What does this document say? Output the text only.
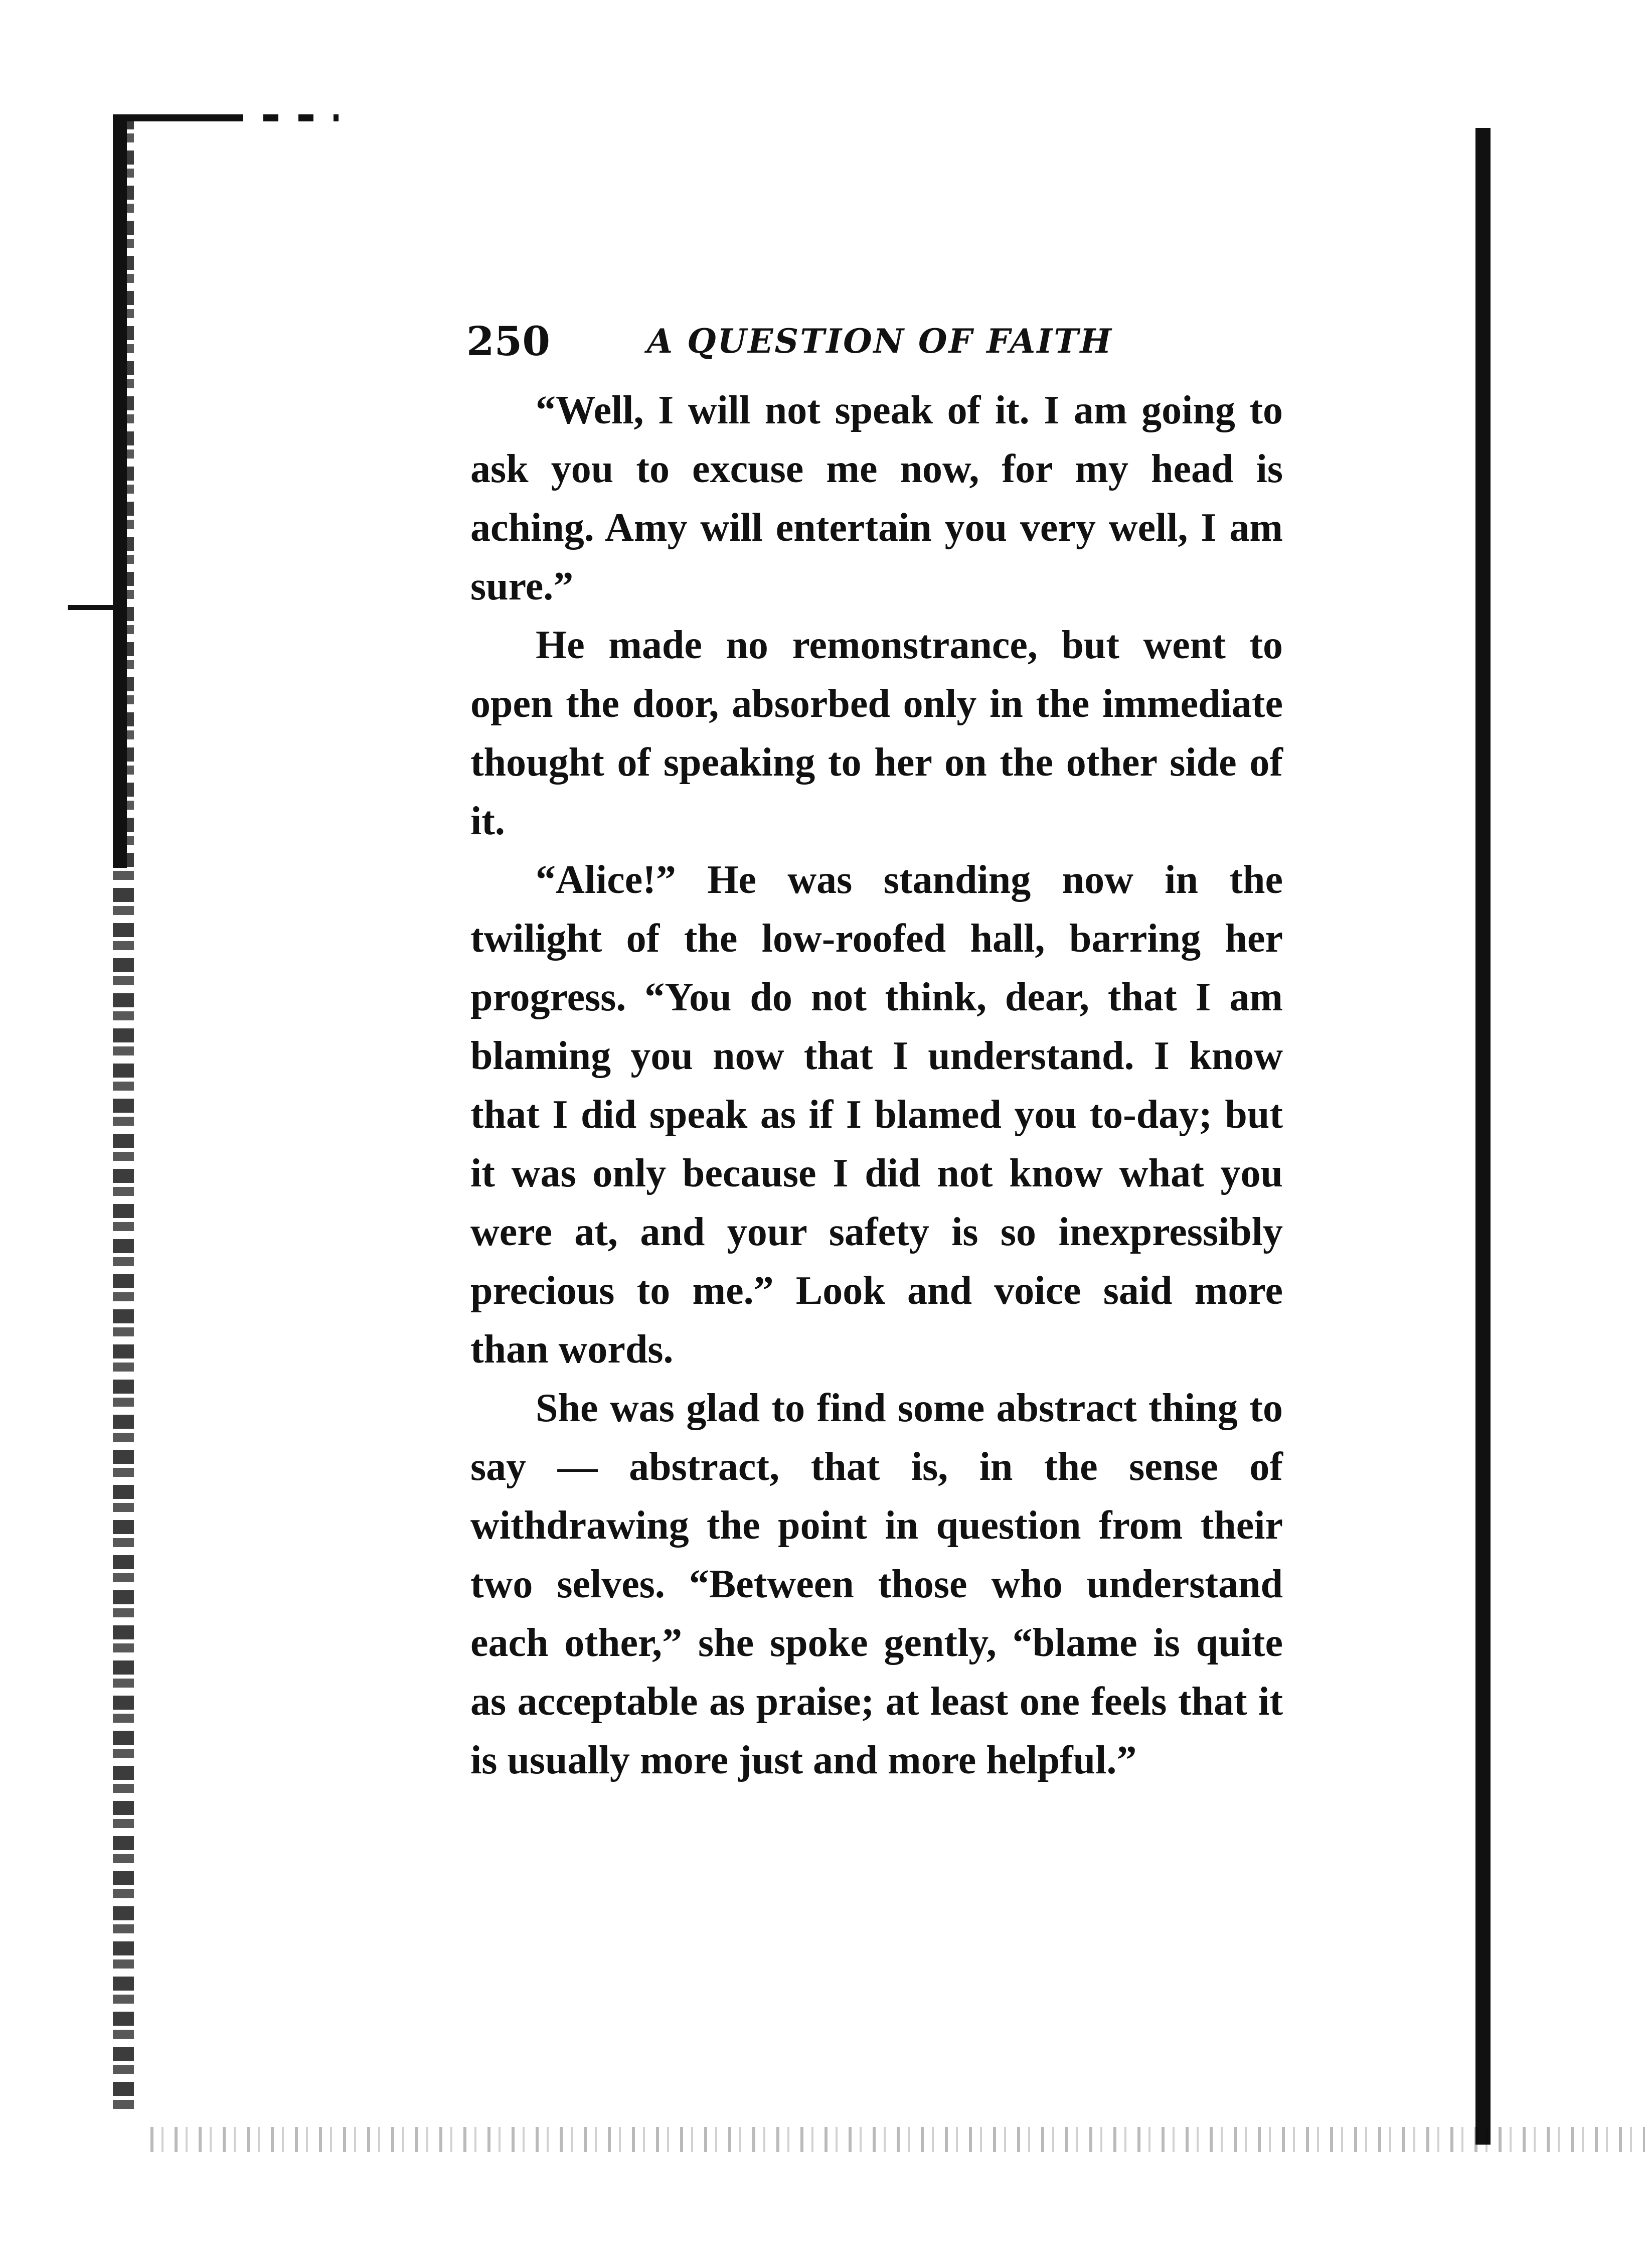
250	A QUESTION OF FAITH

“Well, I will not speak of it. I am going to ask you to excuse me now, for my head is aching. Amy will entertain you very well, I am sure.”

He made no remonstrance, but went to open the door, absorbed only in the immediate thought of speaking to her on the other side of it.

“Alice!” He was standing now in the twilight of the low-roofed hall, barring her progress. “You do not think, dear, that I am blaming you now that I understand. I know that I did speak as if I blamed you to-day; but it was only because I did not know what you were at, and your safety is so inexpressibly precious to me.” Look and voice said more than words.

She was glad to find some abstract thing to say — abstract, that is, in the sense of withdrawing the point in question from their two selves. “Between those who understand each other,” she spoke gently, “blame is quite as acceptable as praise; at least one feels that it is usually more just and more helpful.”
